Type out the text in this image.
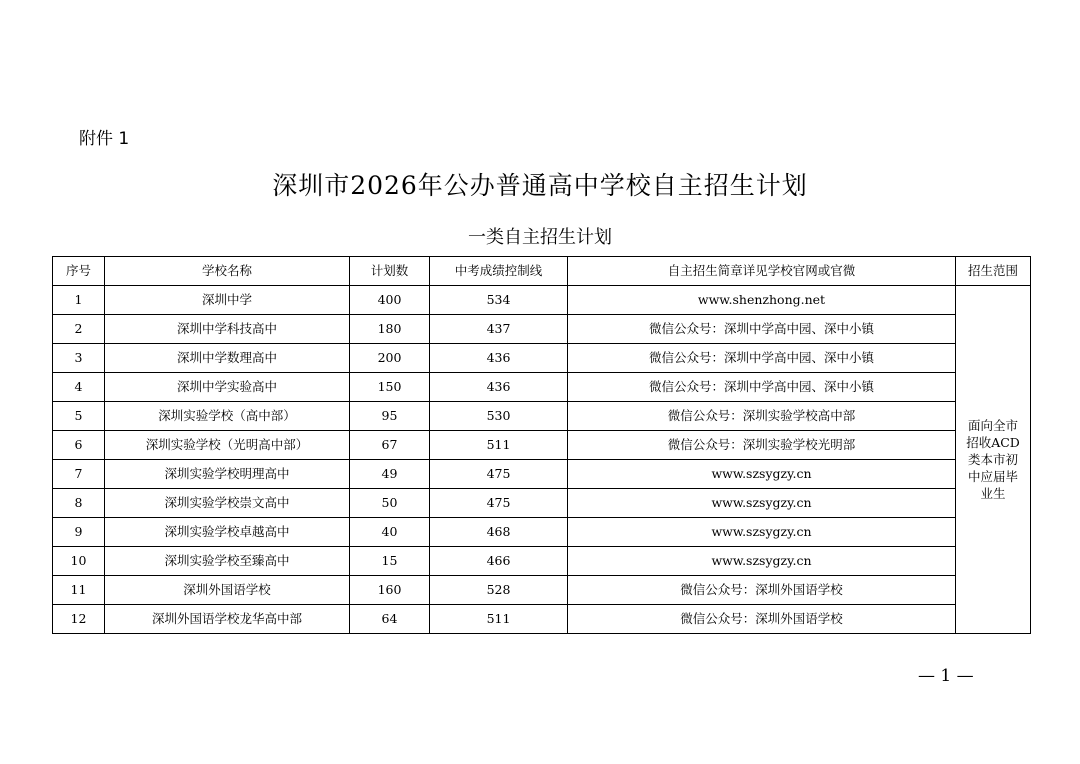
附件 1
深圳市2026年公办普通高中学校自主招生计划
一类自主招生计划
序号	学校名称	计划数	中考成绩控制线	自主招生简章详见学校官网或官微	招生范围
1	深圳中学	400	534	www.shenzhong.net	面向全市招收ACD类本市初中应届毕业生
2	深圳中学科技高中	180	437	微信公众号：深圳中学高中园、深中小镇	
3	深圳中学数理高中	200	436	微信公众号：深圳中学高中园、深中小镇	
4	深圳中学实验高中	150	436	微信公众号：深圳中学高中园、深中小镇	
5	深圳实验学校（高中部）	95	530	微信公众号：深圳实验学校高中部	
6	深圳实验学校（光明高中部）	67	511	微信公众号：深圳实验学校光明部	
7	深圳实验学校明理高中	49	475	www.szsygzy.cn	
8	深圳实验学校崇文高中	50	475	www.szsygzy.cn	
9	深圳实验学校卓越高中	40	468	www.szsygzy.cn	
10	深圳实验学校至臻高中	15	466	www.szsygzy.cn	
11	深圳外国语学校	160	528	微信公众号：深圳外国语学校	
12	深圳外国语学校龙华高中部	64	511	微信公众号：深圳外国语学校	
— 1 —
